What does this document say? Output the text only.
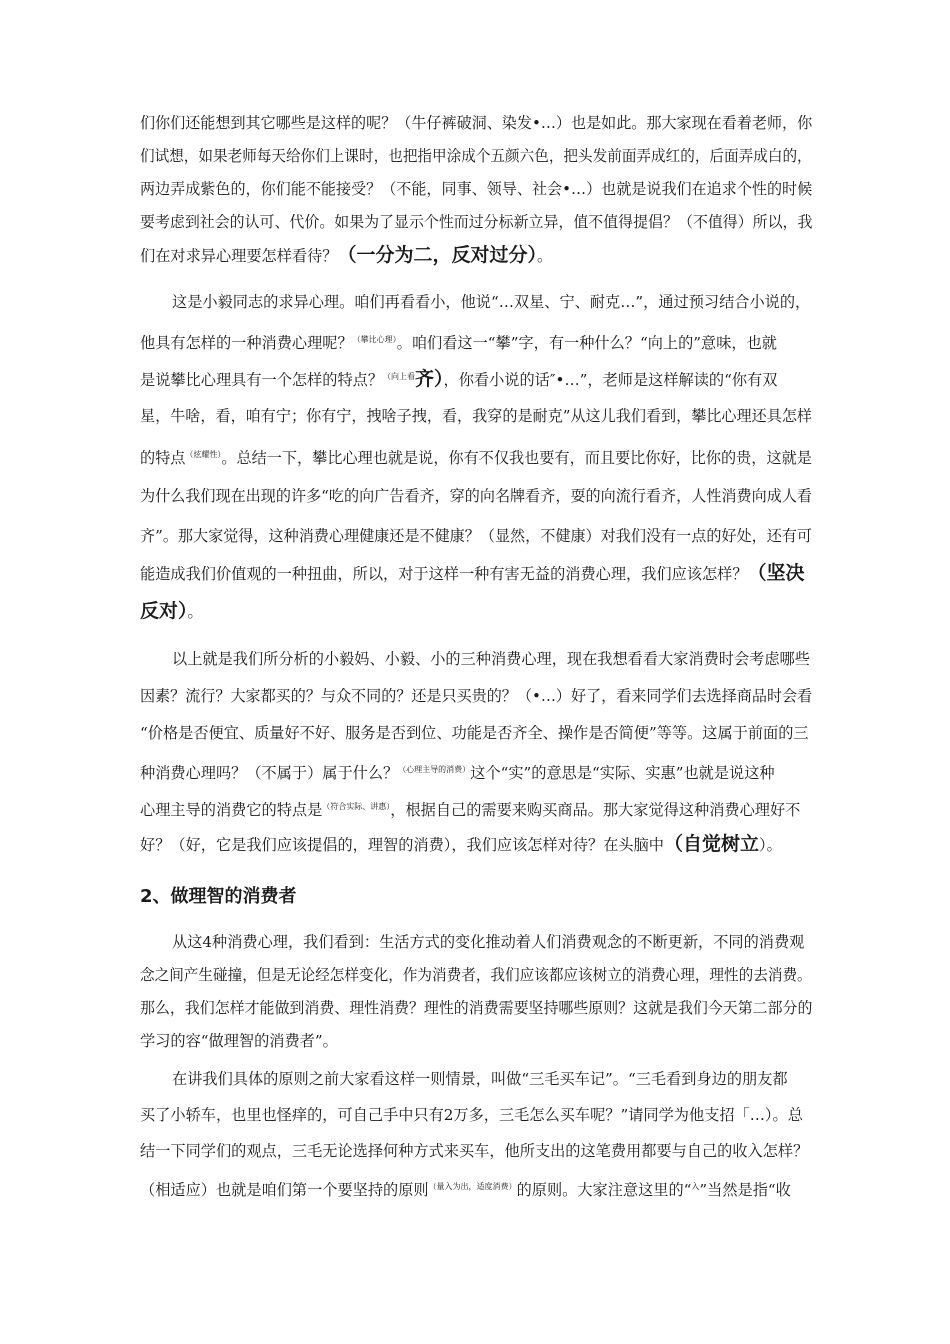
们你们还能想到其它哪些是这样的呢？（牛仔裤破洞、染发•…）也是如此。那大家现在看着老师，你
们试想，如果老师每天给你们上课时，也把指甲涂成个五颜六色，把头发前面弄成红的，后面弄成白的，
两边弄成紫色的，你们能不能接受？（不能，同事、领导、社会•…）也就是说我们在追求个性的时候
要考虑到社会的认可、代价。如果为了显示个性而过分标新立异，值不值得提倡？（不值得）所以，我
们在对求异心理要怎样看待？（一分为二，反对过分）。
这是小毅同志的求异心理。咱们再看看小，他说“…双星、宁、耐克…”，通过预习结合小说的，
他具有怎样的一种消费心理呢？$^{(攀比心理)}$。咱们看这一“攀”字，有一种什么？“向上的”意味，也就
是说攀比心理具有一个怎样的特点？$^{(向上看}$齐），你看小说的话″•…”，老师是这样解读的“你有双
星，牛啥，看，咱有宁；你有宁，拽啥子拽，看，我穿的是耐克”从这儿我们看到，攀比心理还具怎样
的特点$^{(炫耀性)}$。总结一下，攀比心理也就是说，你有不仅我也要有，而且要比你好，比你的贵，这就是
为什么我们现在出现的许多“吃的向广告看齐，穿的向名牌看齐，耍的向流行看齐，人性消费向成人看
齐”。那大家觉得，这种消费心理健康还是不健康？（显然，不健康）对我们没有一点的好处，还有可
能造成我们价值观的一种扭曲，所以，对于这样一种有害无益的消费心理，我们应该怎样？（坚决
反对）。
以上就是我们所分析的小毅妈、小毅、小的三种消费心理，现在我想看看大家消费时会考虑哪些
因素？流行？大家都买的？与众不同的？还是只买贵的？（•…）好了，看来同学们去选择商品时会看
“价格是否便宜、质量好不好、服务是否到位、功能是否齐全、操作是否简便”等等。这属于前面的三
种消费心理吗？（不属于）属于什么？$^{(心理主导的消费)}$这个“实”的意思是“实际、实惠”也就是说这种
心理主导的消费它的特点是$^{(符合实际、讲惠)}$，根据自己的需要来购买商品。那大家觉得这种消费心理好不
好？（好，它是我们应该提倡的，理智的消费），我们应该怎样对待？在头脑中（自觉树立）。
2、做理智的消费者
从这4种消费心理，我们看到：生活方式的变化推动着人们消费观念的不断更新，不同的消费观
念之间产生碰撞，但是无论经怎样变化，作为消费者，我们应该都应该树立的消费心理，理性的去消费。
那么，我们怎样才能做到消费、理性消费？理性的消费需要坚持哪些原则？这就是我们今天第二部分的
学习的容“做理智的消费者”。
在讲我们具体的原则之前大家看这样一则情景，叫做“三毛买车记”。“三毛看到身边的朋友都
买了小轿车，也里也怪痒的，可自己手中只有2万多，三毛怎么买车呢？”请同学为他支招「…）。总
结一下同学们的观点，三毛无论选择何种方式来买车，他所支出的这笔费用都要与自己的收入怎样？
（相适应）也就是咱们第一个要坚持的原则$^{(量入为出,适度消费)}$的原则。大家注意这里的“$^入$”当然是指“收
